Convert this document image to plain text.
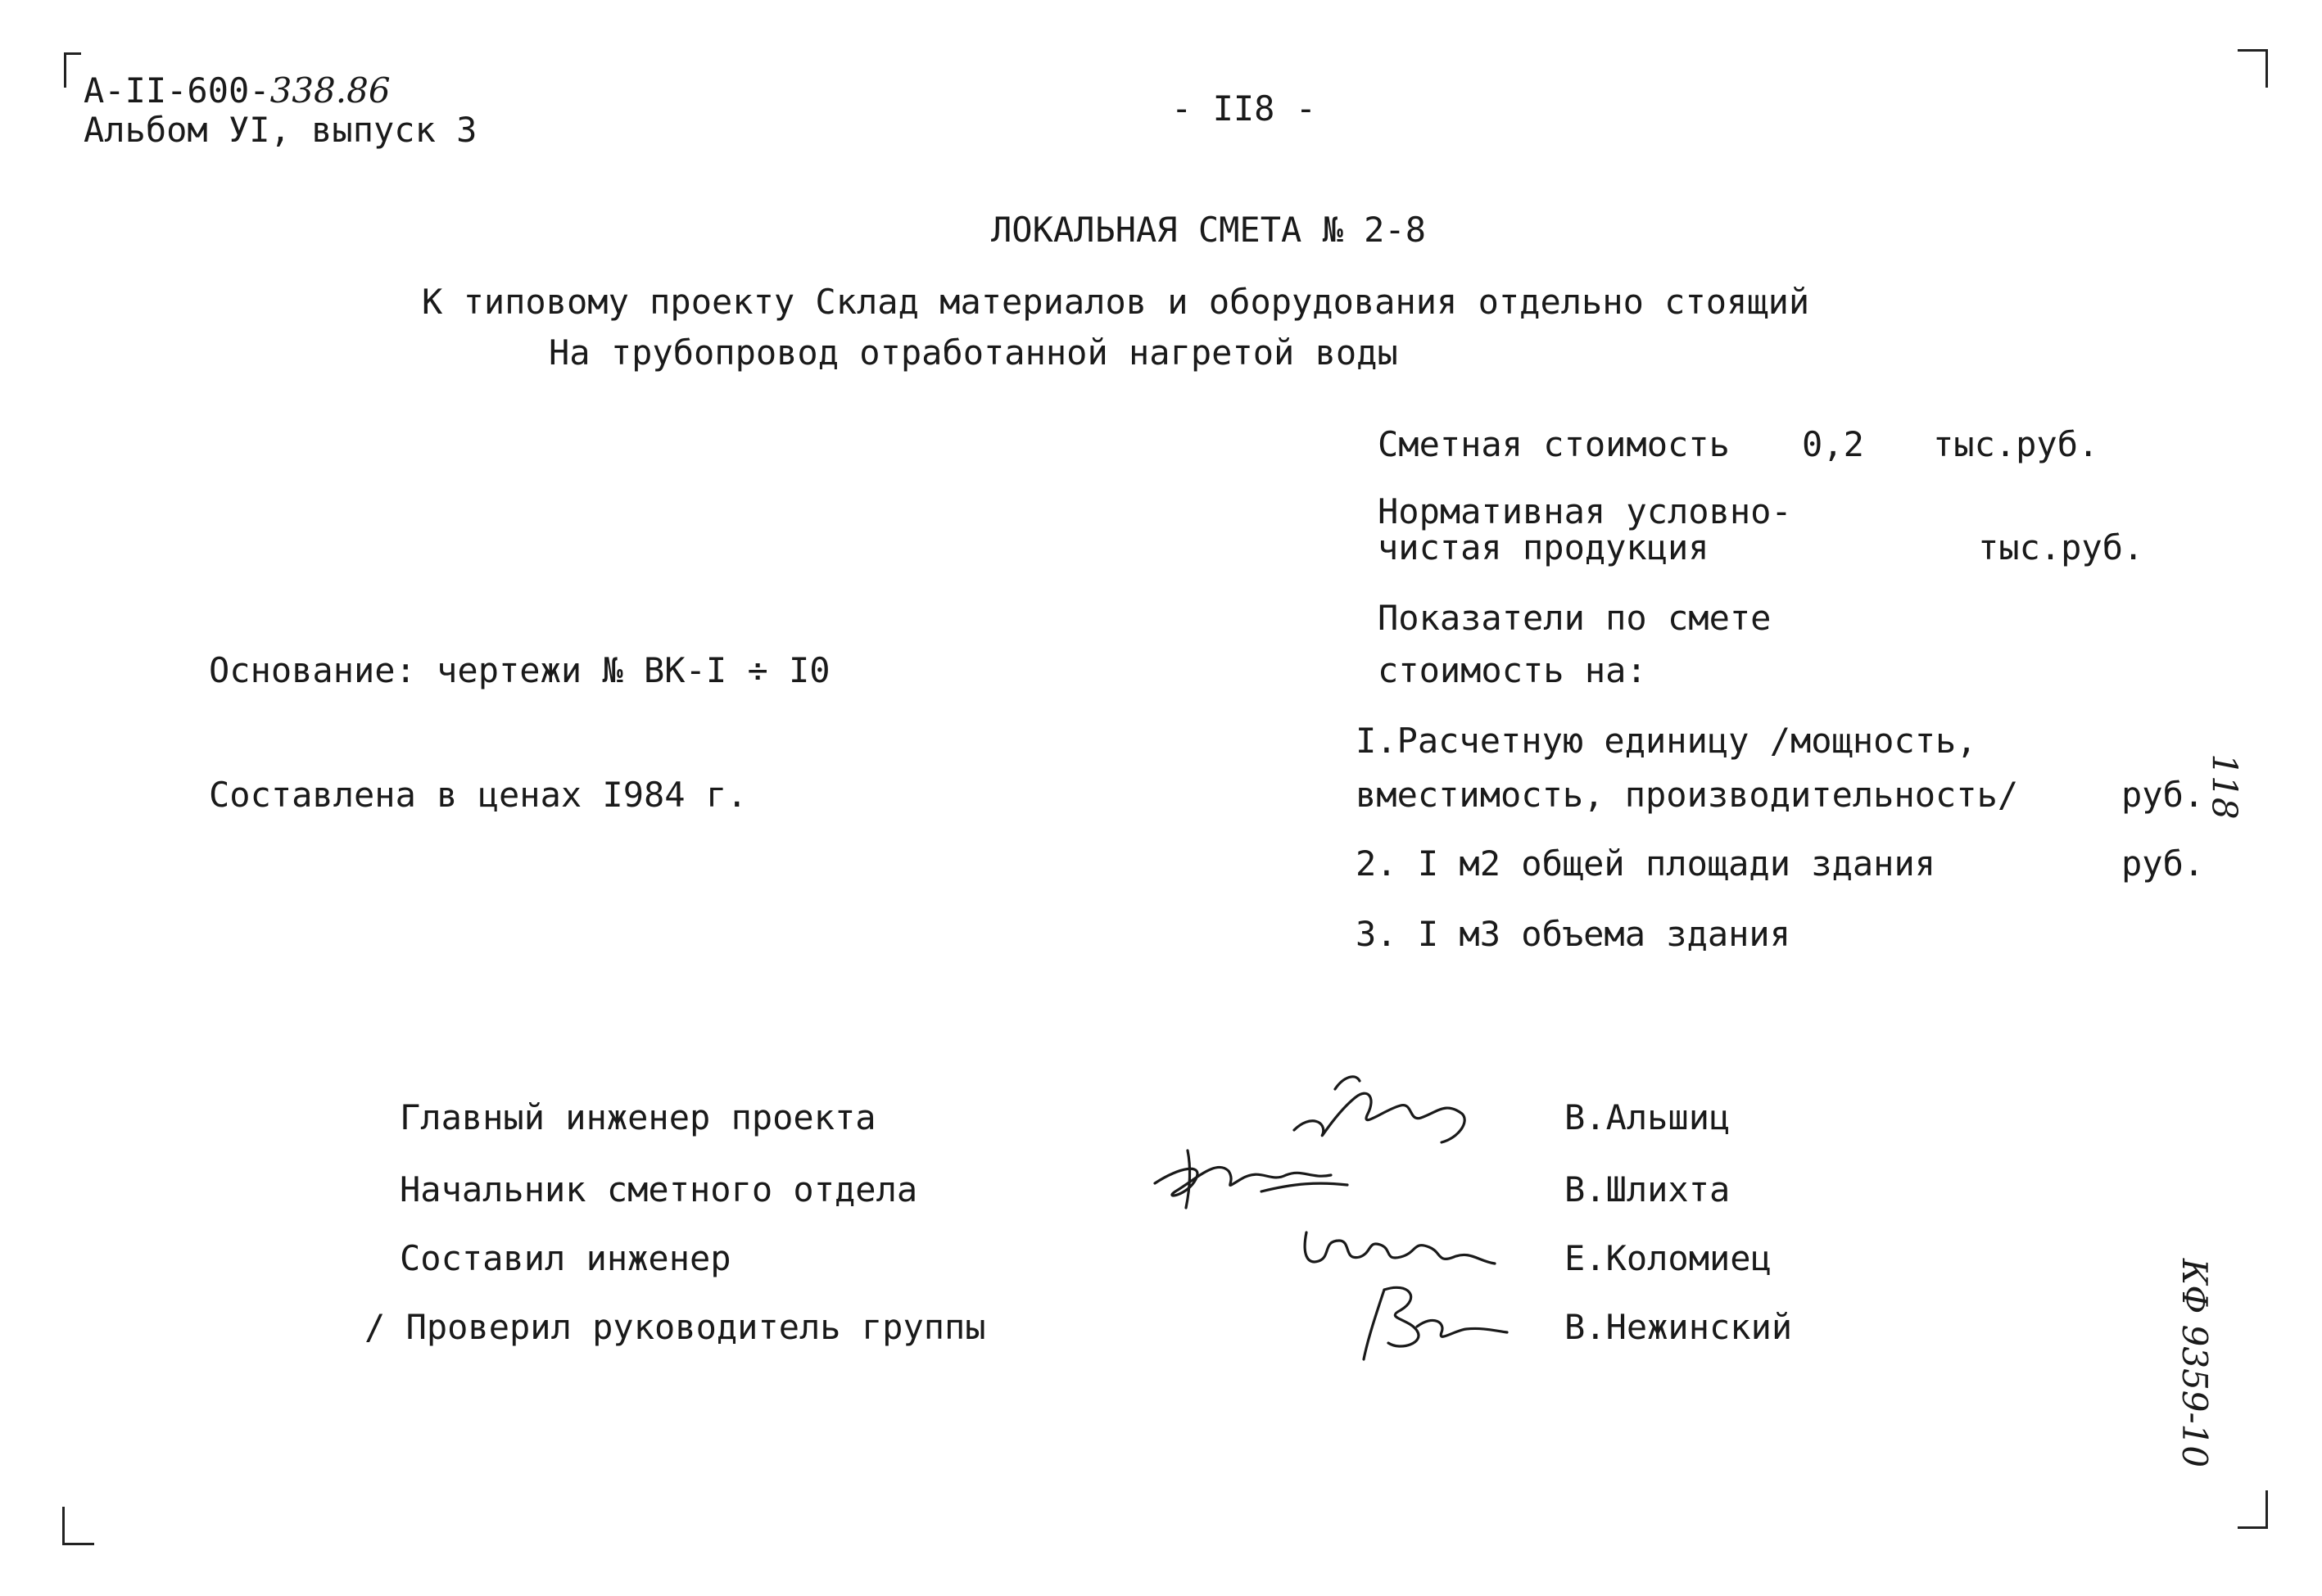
А-II-600-338.86
Альбом УI, выпуск 3
- II8 -
ЛОКАЛЬНАЯ СМЕТА № 2-8
К типовому проекту Склад материалов и оборудования отдельно стоящий
На трубопровод отработанной нагретой воды
Сметная стоимость 0,2 тыс.руб.
Нормативная условно-
чистая продукция	тыс.руб.
Показатели по смете
стоимость на:
I.Расчетную единицу /мощность,
вместимость, производительность/	руб.
2. I м2 общей площади здания	руб.
3. I м3 объема здания
Основание: чертежи № ВК-I ÷ I0
Составлена в ценах I984 г.
Главный инженер проекта	В.Альшиц
Начальник сметного отдела	В.Шлихта
Составил инженер	Е.Коломиец
/ Проверил руководитель группы	В.Нежинский
118
КФ 9359-10
